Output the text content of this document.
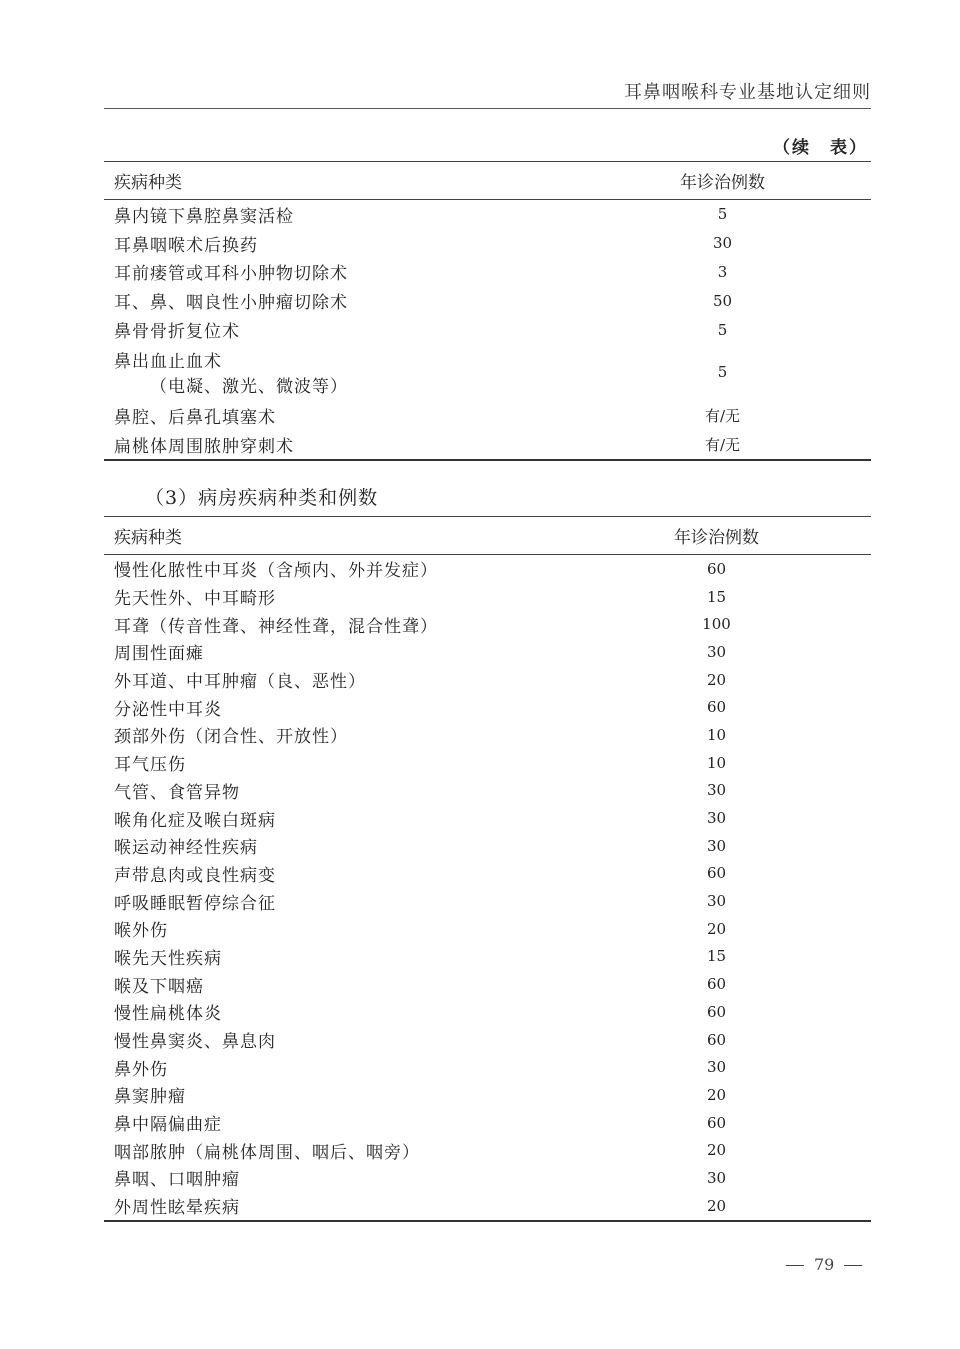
耳鼻咽喉科专业基地认定细则
（续　表）
疾病种类	年诊治例数
鼻内镜下鼻腔鼻窦活检	5
耳鼻咽喉术后换药	30
耳前瘘管或耳科小肿物切除术	3
耳、鼻、咽良性小肿瘤切除术	50
鼻骨骨折复位术	5
鼻出血止血术
（电凝、激光、微波等）	5
鼻腔、后鼻孔填塞术	有/无
扁桃体周围脓肿穿刺术	有/无
（3）病房疾病种类和例数
疾病种类	年诊治例数
慢性化脓性中耳炎（含颅内、外并发症）	60
先天性外、中耳畸形	15
耳聋（传音性聋、神经性聋，混合性聋）	100
周围性面瘫	30
外耳道、中耳肿瘤（良、恶性）	20
分泌性中耳炎	60
颈部外伤（闭合性、开放性）	10
耳气压伤	10
气管、食管异物	30
喉角化症及喉白斑病	30
喉运动神经性疾病	30
声带息肉或良性病变	60
呼吸睡眠暂停综合征	30
喉外伤	20
喉先天性疾病	15
喉及下咽癌	60
慢性扁桃体炎	60
慢性鼻窦炎、鼻息肉	60
鼻外伤	30
鼻窦肿瘤	20
鼻中隔偏曲症	60
咽部脓肿（扁桃体周围、咽后、咽旁）	20
鼻咽、口咽肿瘤	30
外周性眩晕疾病	20
79
